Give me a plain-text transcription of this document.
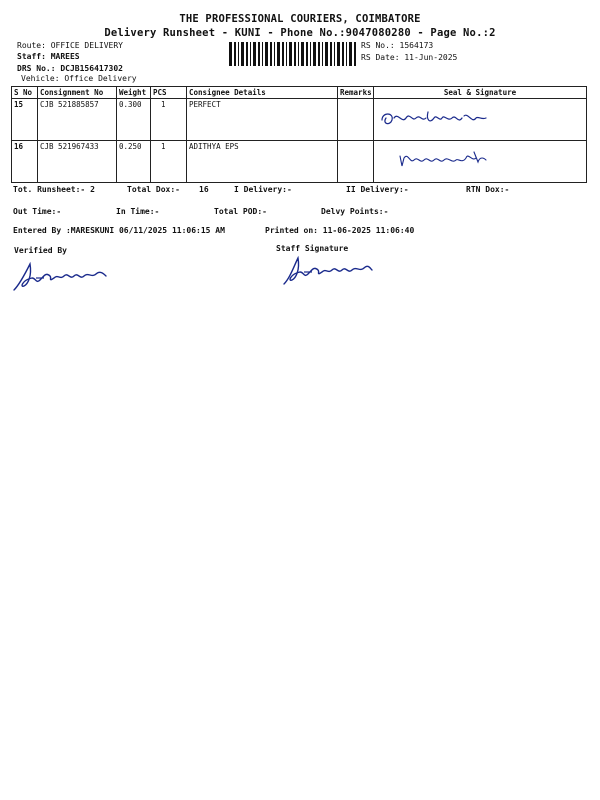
THE PROFESSIONAL COURIERS, COIMBATORE
Delivery Runsheet - KUNI - Phone No.:9047080280 - Page No.:2
Route: OFFICE DELIVERY
Staff: MAREES
DRS No.: DCJB156417302
Vehicle: Office Delivery
RS No.: 1564173
RS Date: 11-Jun-2025
S No	Consignment No	Weight	PCS	Consignee Details	Remarks	Seal & Signature
15	CJB 521885857	0.300	1	PERFECT		
16	CJB 521967433	0.250	1	ADITHYA EPS		
Tot. Runsheet:- 2	Total Dox:- 16	I Delivery:-	II Delivery:-	RTN Dox:-
Out Time:-	In Time:-	Total POD:-	Delvy Points:-
Entered By :MARESKUNI 06/11/2025 11:06:15 AM	Printed on: 11-06-2025 11:06:40
Verified By	Staff Signature
